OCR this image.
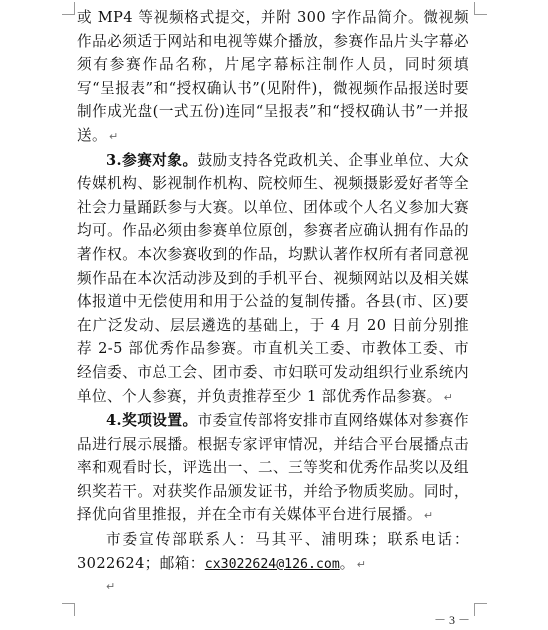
或 MP4 等视频格式提交，并附 300 字作品简介。微视频作品必须适于网站和电视等媒介播放，参赛作品片头字幕必须有参赛作品名称，片尾字幕标注制作人员，同时须填写“呈报表”和“授权确认书”(见附件)，微视频作品报送时要制作成光盘(一式五份)连同“呈报表”和“授权确认书”一并报送。 ↵

3.参赛对象。鼓励支持各党政机关、企事业单位、大众传媒机构、影视制作机构、院校师生、视频摄影爱好者等全社会力量踊跃参与大赛。以单位、团体或个人名义参加大赛均可。作品必须由参赛单位原创，参赛者应确认拥有作品的著作权。本次参赛收到的作品，均默认著作权所有者同意视频作品在本次活动涉及到的手机平台、视频网站以及相关媒体报道中无偿使用和用于公益的复制传播。各县(市、区)要在广泛发动、层层遴选的基础上，于 4 月 20 日前分别推荐 2-5 部优秀作品参赛。市直机关工委、市教体工委、市经信委、市总工会、团市委、市妇联可发动组织行业系统内单位、个人参赛，并负责推荐至少 1 部优秀作品参赛。 ↵

4.奖项设置。市委宣传部将安排市直网络媒体对参赛作品进行展示展播。根据专家评审情况，并结合平台展播点击率和观看时长，评选出一、二、三等奖和优秀作品奖以及组织奖若干。对获奖作品颁发证书，并给予物质奖励。同时，择优向省里推报，并在全市有关媒体平台进行展播。 ↵

市委宣传部联系人：马其平、浦明珠；联系电话：3022624；邮箱：cx3022624@126.com。 ↵

↵
－ 3 －
